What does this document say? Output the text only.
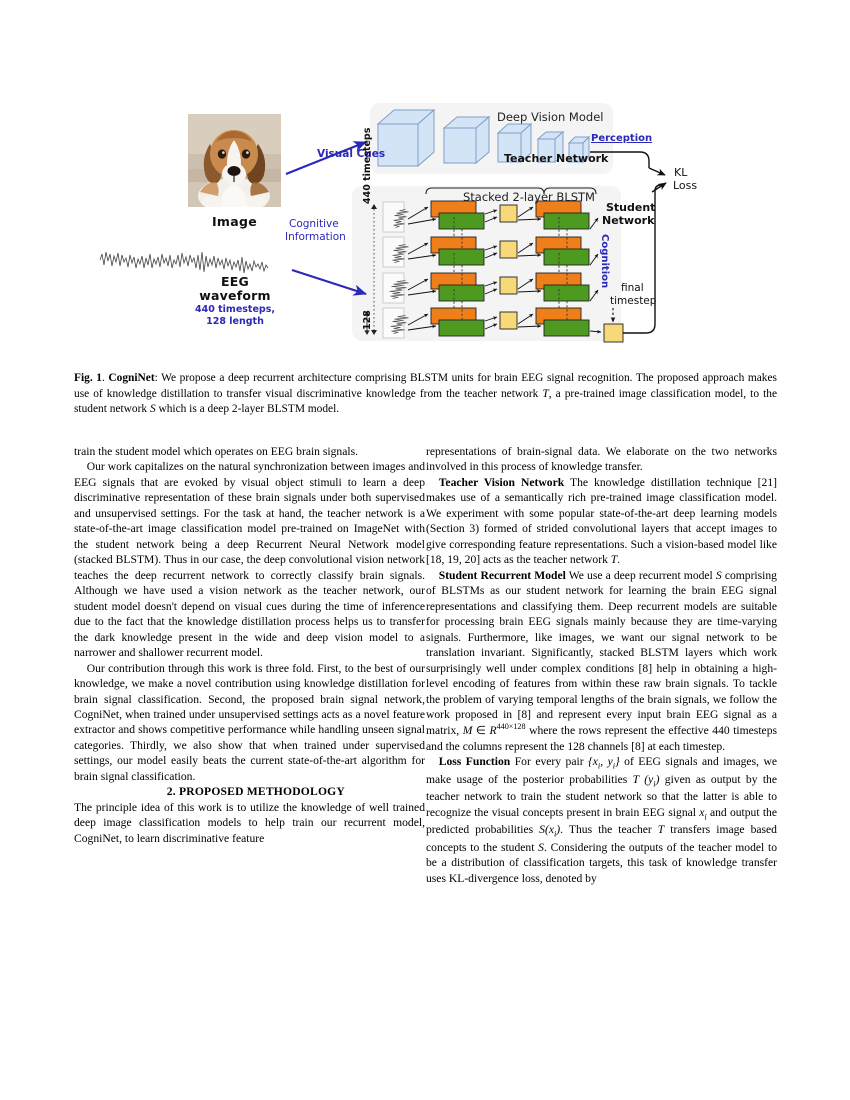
Image
EEG
waveform
440 timesteps,
128 length
Visual Cues
Cognitive
Information
Deep Vision Model
Teacher Network
Perception
KL
Loss
Cognition
Stacked 2-layer BLSTM
Student
Network
final
timestep
440 timesteps
128
Fig. 1. CogniNet: We propose a deep recurrent architecture comprising BLSTM units for brain EEG signal recognition. The proposed approach makes use of knowledge distillation to transfer visual discriminative knowledge from the teacher network T, a pre-trained image classification model, to the student network S which is a deep 2-layer BLSTM model.

train the student model which operates on EEG brain signals.

Our work capitalizes on the natural synchronization between images and EEG signals that are evoked by visual object stimuli to learn a deep discriminative representation of these brain signals under both supervised and unsupervised settings. For the task at hand, the teacher network is a state-of-the-art image classification model pre-trained on ImageNet with the student network being a deep Recurrent Neural Network model (stacked BLSTM). Thus in our case, the deep convolutional vision network teaches the deep recurrent network to correctly classify brain signals. Although we have used a vision network as the teacher network, our student model doesn't depend on visual cues during the time of inference due to the fact that the knowledge distillation process helps us to transfer the dark knowledge present in the wide and deep vision model to a narrower and shallower recurrent model.

Our contribution through this work is three fold. First, to the best of our knowledge, we make a novel contribution using knowledge distillation for brain signal classification. Second, the proposed brain signal network, CogniNet, when trained under unsupervised settings acts as a novel feature extractor and shows competitive performance while handling unseen signal categories. Thirdly, we also show that when trained under supervised settings, our model easily beats the current state-of-the-art algorithm for brain signal classification.

2. PROPOSED METHODOLOGY

The principle idea of this work is to utilize the knowledge of well trained deep image classification models to help train our recurrent model, CogniNet, to learn discriminative feature

representations of brain-signal data. We elaborate on the two networks involved in this process of knowledge transfer.

Teacher Vision Network The knowledge distillation technique [21] makes use of a semantically rich pre-trained image classification model. We experiment with some popular state-of-the-art deep learning models (Section 3) formed of strided convolutional layers that accept images to give corresponding feature representations. Such a vision-based model like [18, 19, 20] acts as the teacher network T.

Student Recurrent Model We use a deep recurrent model S comprising of BLSTMs as our student network for learning the brain EEG signal representations and classifying them. Deep recurrent models are suitable for processing brain EEG signals mainly because they are time-varying signals. Furthermore, like images, we want our signal network to be translation invariant. Significantly, stacked BLSTM layers which work surprisingly well under complex conditions [8] help in obtaining a high-level encoding of features from within these raw brain signals. To tackle the problem of varying temporal lengths of the brain signals, we follow the work proposed in [8] and represent every input brain EEG signal as a matrix, M ∈ $R^{440\times 128}$ where the rows represent the effective 440 timesteps and the columns represent the 128 channels [8] at each timestep.

Loss Function For every pair {$x_i$, $y_i$} of EEG signals and images, we make usage of the posterior probabilities T $(y_i)$ given as output by the teacher network to train the student network so that the latter is able to recognize the visual concepts present in brain EEG signal $x_i$ and output the predicted probabilities $S(x_i)$. Thus the teacher T transfers image based concepts to the student S. Considering the outputs of the teacher model to be a distribution of classification targets, this task of knowledge transfer uses KL-divergence loss, denoted by
